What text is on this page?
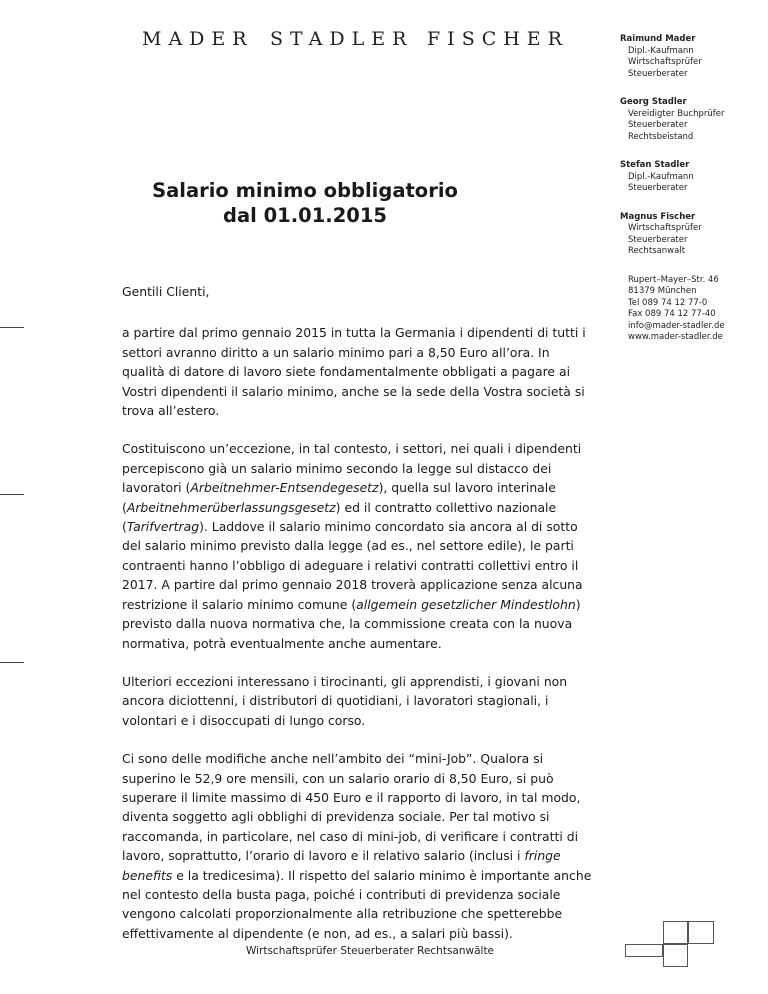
MADER STADLER FISCHER	Raimund Mader
Dipl.-Kaufmann
Wirtschaftsprüfer
Steuerberater
Georg Stadler
Vereidigter Buchprüfer
Steuerberater
Rechtsbeistand
Stefan Stadler
Dipl.-Kaufmann
Steuerberater
Magnus Fischer
Wirtschaftsprüfer
Steuerberater
Rechtsanwalt
Rupert–Mayer–Str. 46
81379 München
Tel 089 74 12 77-0
Fax 089 74 12 77-40
info@mader-stadler.de
www.mader-stadler.de
Salario minimo obbligatorio
dal 01.01.2015

Gentili Clienti,

a partire dal primo gennaio 2015 in tutta la Germania i dipendenti di tutti i settori avranno diritto a un salario minimo pari a 8,50 Euro all’ora. In qualità di datore di lavoro siete fondamentalmente obbligati a pagare ai Vostri dipendenti il salario minimo, anche se la sede della Vostra società si trova all’estero.

Costituiscono un’eccezione, in tal contesto, i settori, nei quali i dipendenti percepiscono già un salario minimo secondo la legge sul distacco dei lavoratori (Arbeitnehmer-Entsendegesetz), quella sul lavoro interinale (Arbeitnehmerüberlassungsgesetz) ed il contratto collettivo nazionale (Tarifvertrag). Laddove il salario minimo concordato sia ancora al di sotto del salario minimo previsto dalla legge (ad es., nel settore edile), le parti contraenti hanno l’obbligo di adeguare i relativi contratti collettivi entro il 2017. A partire dal primo gennaio 2018 troverà applicazione senza alcuna restrizione il salario minimo comune (allgemein gesetzlicher Mindestlohn) previsto dalla nuova normativa che, la commissione creata con la nuova normativa, potrà eventualmente anche aumentare.

Ulteriori eccezioni interessano i tirocinanti, gli apprendisti, i giovani non ancora diciottenni, i distributori di quotidiani, i lavoratori stagionali, i volontari e i disoccupati di lungo corso.

Ci sono delle modifiche anche nell’ambito dei “mini-Job”. Qualora si superino le 52,9 ore mensili, con un salario orario di 8,50 Euro, si può superare il limite massimo di 450 Euro e il rapporto di lavoro, in tal modo, diventa soggetto agli obblighi di previdenza sociale. Per tal motivo si raccomanda, in particolare, nel caso di mini-job, di verificare i contratti di lavoro, soprattutto, l’orario di lavoro e il relativo salario (inclusi i fringe benefits e la tredicesima). Il rispetto del salario minimo è importante anche nel contesto della busta paga, poiché i contributi di previdenza sociale vengono calcolati proporzionalmente alla retribuzione che spetterebbe effettivamente al dipendente (e non, ad es., a salari più bassi).

Wirtschaftsprüfer Steuerberater Rechtsanwälte
